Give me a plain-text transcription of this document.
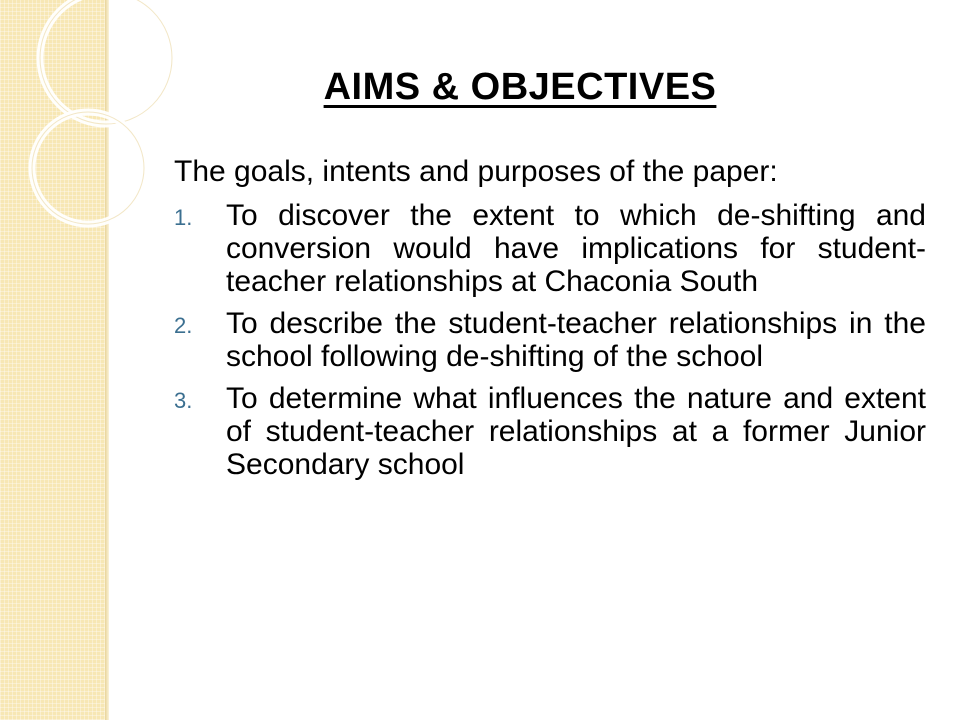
AIMS & OBJECTIVES

The goals, intents and purposes of the paper:

1. To discover the extent to which de-shifting and conversion would have implications for student-teacher relationships at Chaconia South
2. To describe the student-teacher relationships in the school following de-shifting of the school
3. To determine what influences the nature and extent of student-teacher relationships at a former Junior Secondary school
